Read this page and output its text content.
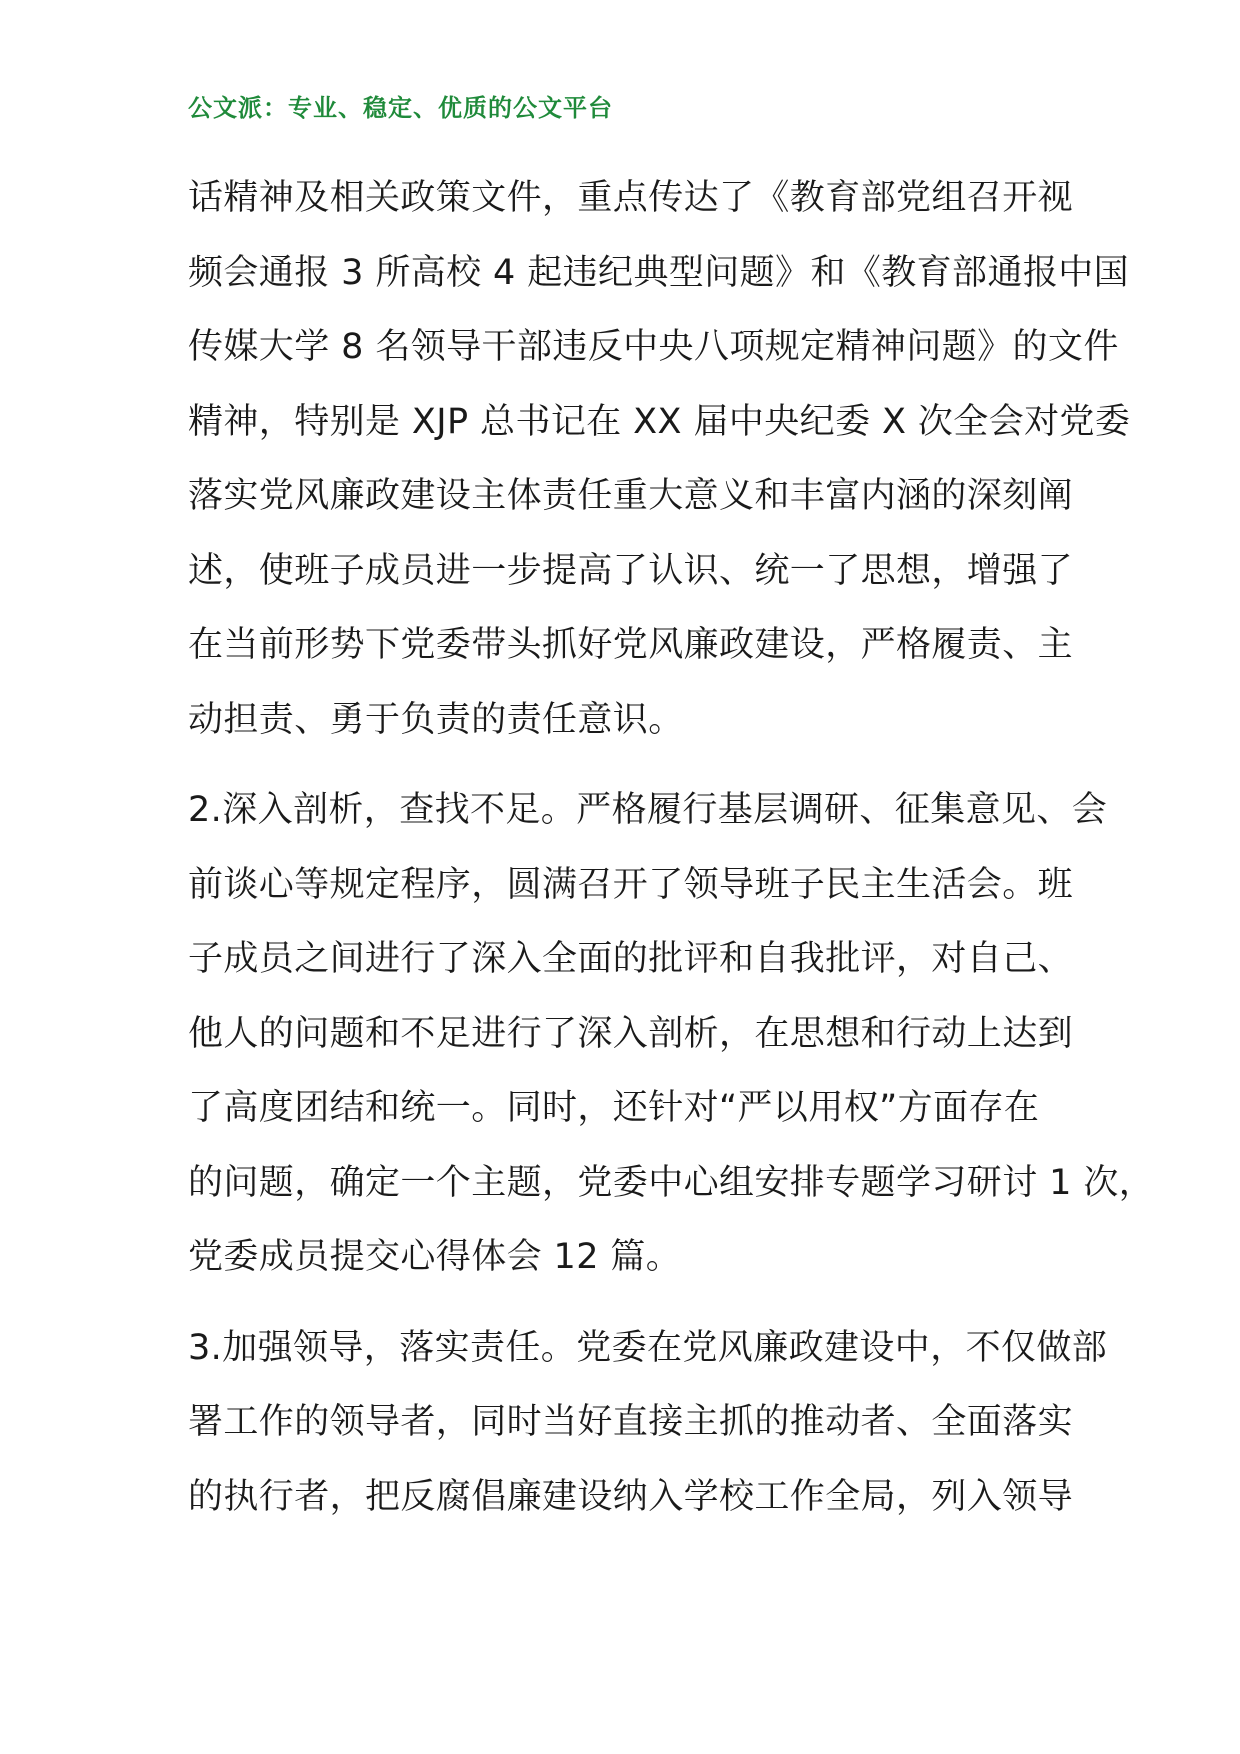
公文派：专业、稳定、优质的公文平台
话精神及相关政策文件，重点传达了《教育部党组召开视
频会通报 3 所高校 4 起违纪典型问题》和《教育部通报中国
传媒大学 8 名领导干部违反中央八项规定精神问题》的文件
精神，特别是 XJP 总书记在 XX 届中央纪委 X 次全会对党委
落实党风廉政建设主体责任重大意义和丰富内涵的深刻阐
述，使班子成员进一步提高了认识、统一了思想，增强了
在当前形势下党委带头抓好党风廉政建设，严格履责、主
动担责、勇于负责的责任意识。
2.深入剖析，查找不足。严格履行基层调研、征集意见、会
前谈心等规定程序，圆满召开了领导班子民主生活会。班
子成员之间进行了深入全面的批评和自我批评，对自己、
他人的问题和不足进行了深入剖析，在思想和行动上达到
了高度团结和统一。同时，还针对“严以用权”方面存在
的问题，确定一个主题，党委中心组安排专题学习研讨 1 次，
党委成员提交心得体会 12 篇。
3.加强领导，落实责任。党委在党风廉政建设中，不仅做部
署工作的领导者，同时当好直接主抓的推动者、全面落实
的执行者，把反腐倡廉建设纳入学校工作全局，列入领导
